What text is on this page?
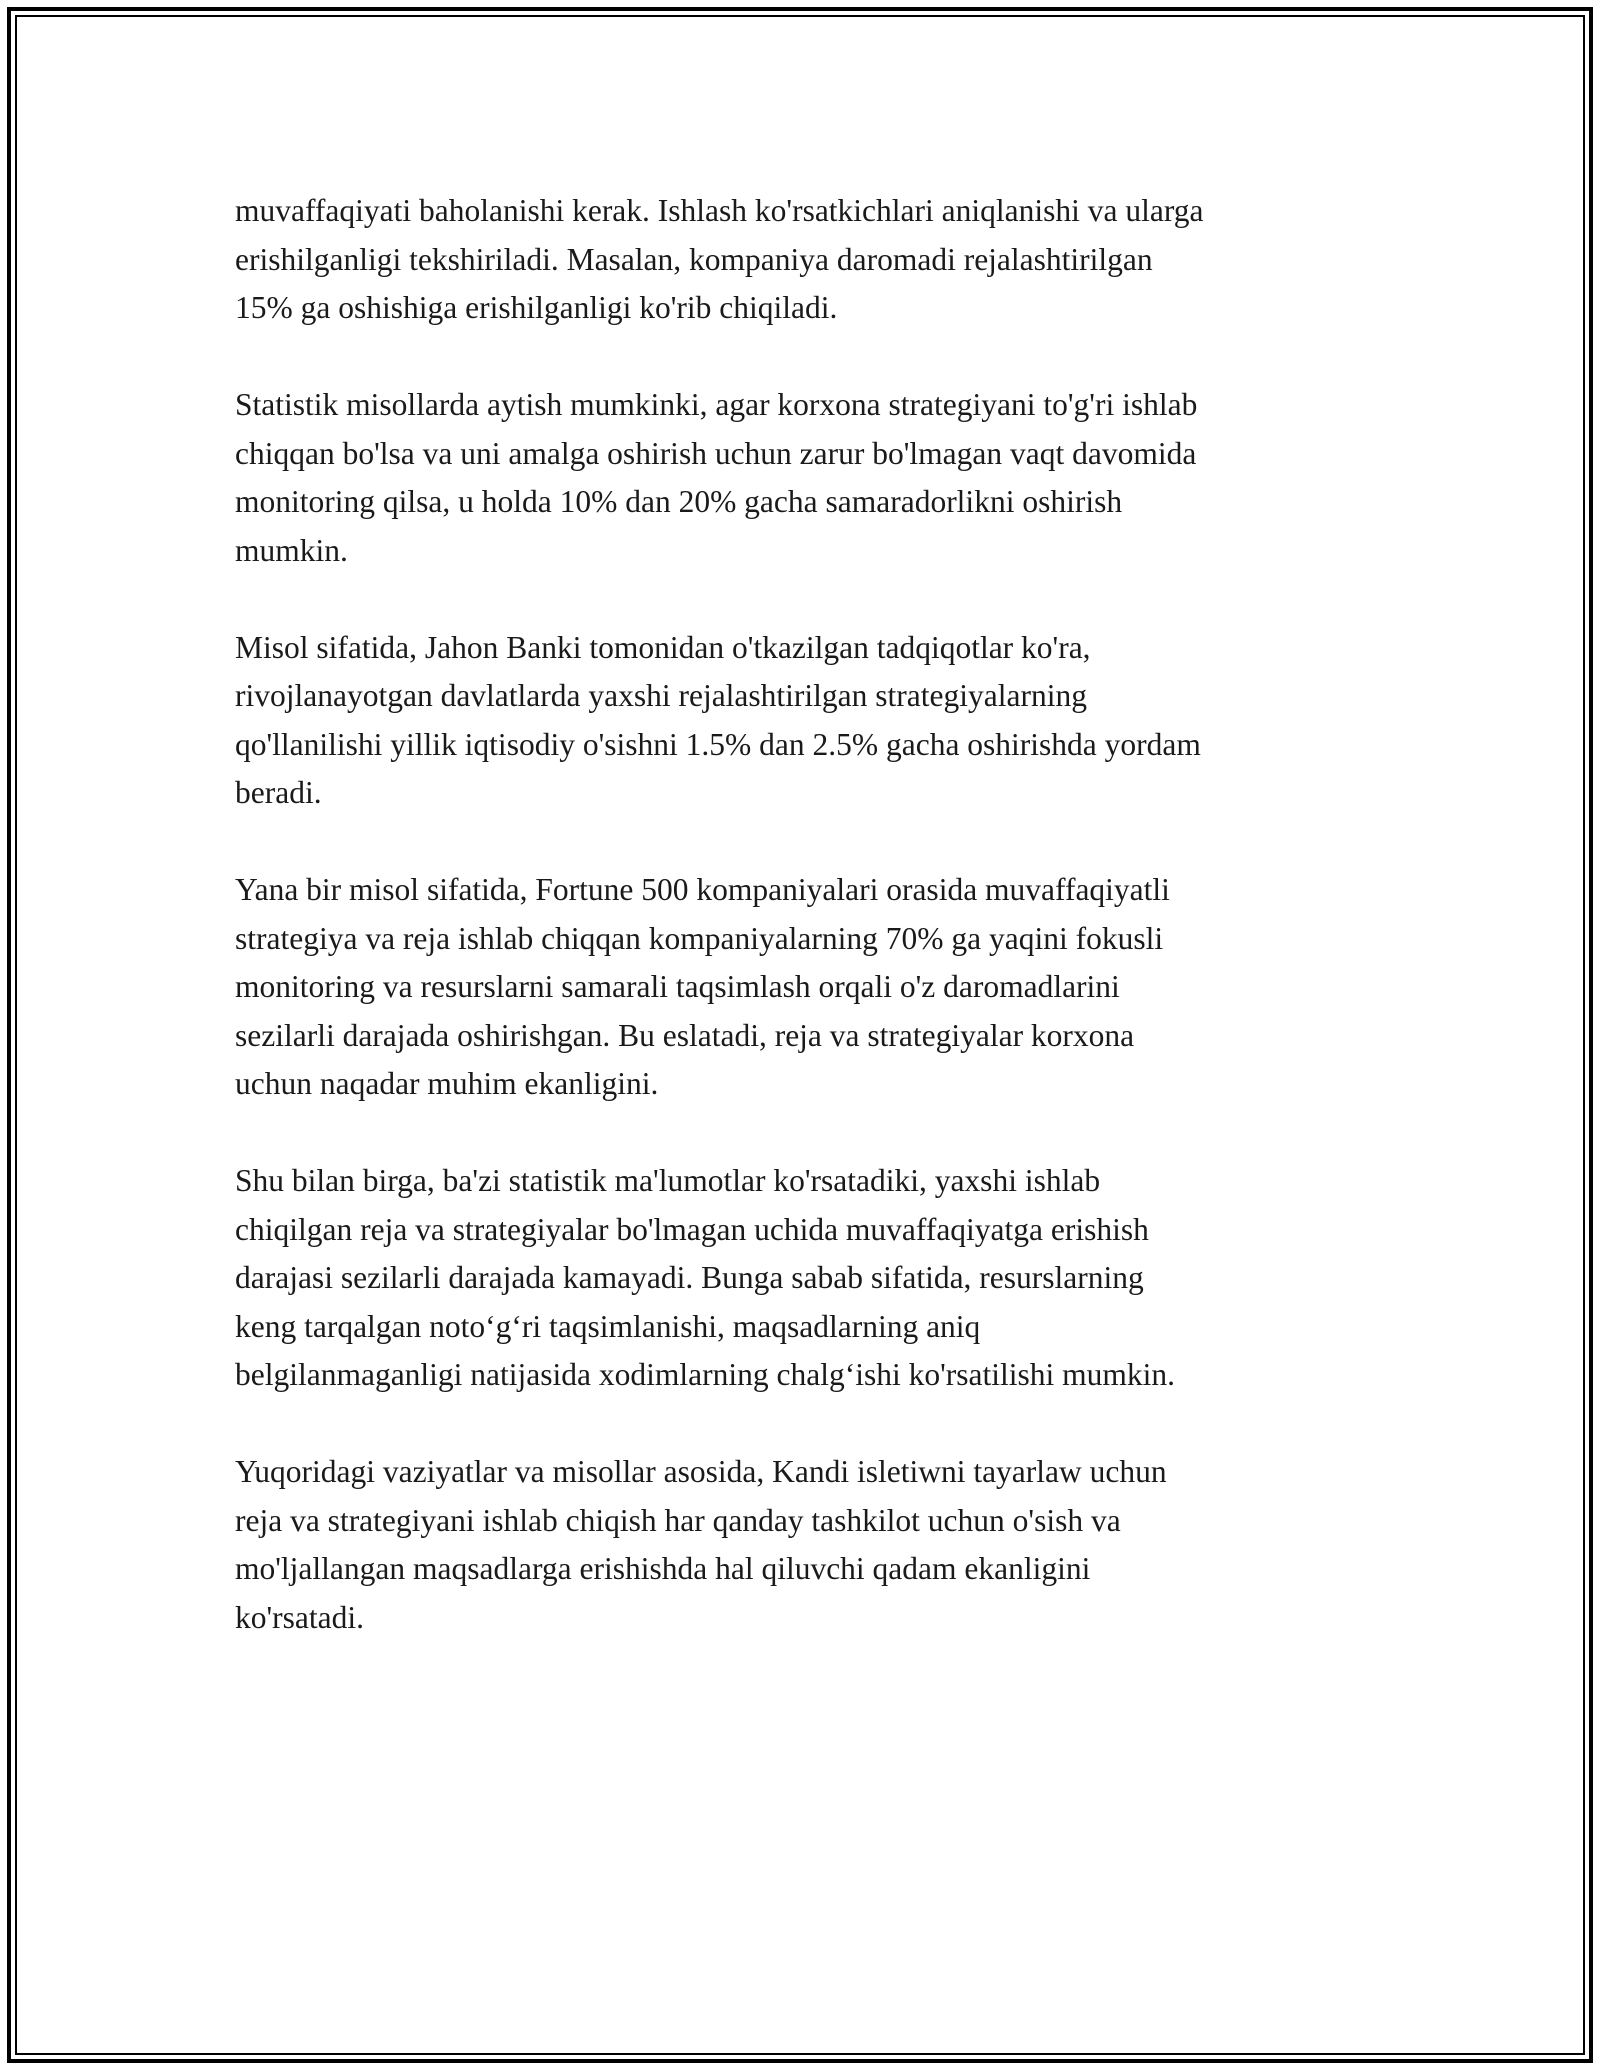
muvaffaqiyati baholanishi kerak. Ishlash ko'rsatkichlari aniqlanishi va ularga
erishilganligi tekshiriladi. Masalan, kompaniya daromadi rejalashtirilgan
15% ga oshishiga erishilganligi ko'rib chiqiladi.

Statistik misollarda aytish mumkinki, agar korxona strategiyani to'g'ri ishlab
chiqqan bo'lsa va uni amalga oshirish uchun zarur bo'lmagan vaqt davomida
monitoring qilsa, u holda 10% dan 20% gacha samaradorlikni oshirish
mumkin.

Misol sifatida, Jahon Banki tomonidan o'tkazilgan tadqiqotlar ko'ra,
rivojlanayotgan davlatlarda yaxshi rejalashtirilgan strategiyalarning
qo'llanilishi yillik iqtisodiy o'sishni 1.5% dan 2.5% gacha oshirishda yordam
beradi.

Yana bir misol sifatida, Fortune 500 kompaniyalari orasida muvaffaqiyatli
strategiya va reja ishlab chiqqan kompaniyalarning 70% ga yaqini fokusli
monitoring va resurslarni samarali taqsimlash orqali o'z daromadlarini
sezilarli darajada oshirishgan. Bu eslatadi, reja va strategiyalar korxona
uchun naqadar muhim ekanligini.

Shu bilan birga, ba'zi statistik ma'lumotlar ko'rsatadiki, yaxshi ishlab
chiqilgan reja va strategiyalar bo'lmagan uchida muvaffaqiyatga erishish
darajasi sezilarli darajada kamayadi. Bunga sabab sifatida, resurslarning
keng tarqalgan noto‘g‘ri taqsimlanishi, maqsadlarning aniq
belgilanmaganligi natijasida xodimlarning chalg‘ishi ko'rsatilishi mumkin.

Yuqoridagi vaziyatlar va misollar asosida, Kandi isletiwni tayarlaw uchun
reja va strategiyani ishlab chiqish har qanday tashkilot uchun o'sish va
mo'ljallangan maqsadlarga erishishda hal qiluvchi qadam ekanligini
ko'rsatadi.
